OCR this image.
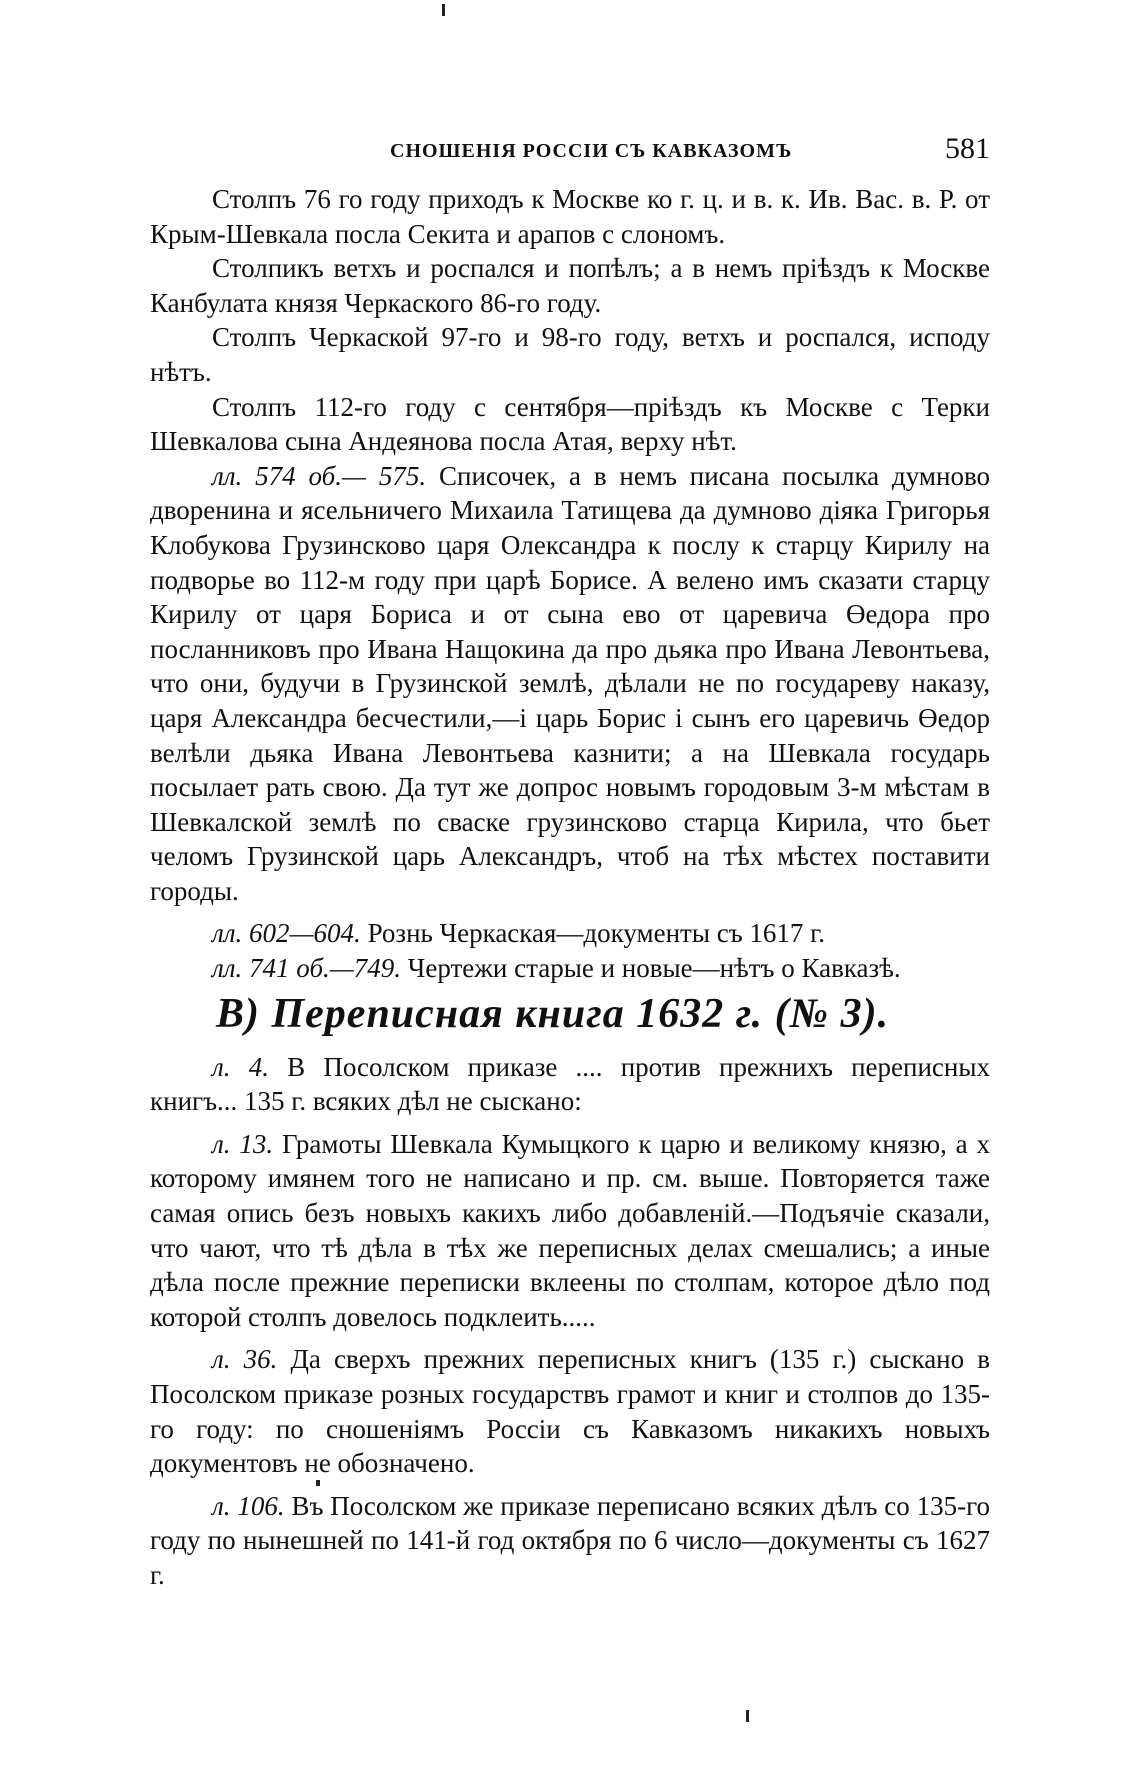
СНОШЕНІЯ РОССІИ СЪ КАВКАЗОМЪ	581

Столпъ 76 го году приходъ к Москве ко г. ц. и в. к. Ив. Вас. в. Р. от Крым-Шевкала посла Секита и арапов с слономъ.

Столпикъ ветхъ и роспался и попѣлъ; а в немъ пріѣздъ к Москве Канбулата князя Черкаского 86-го году.

Столпъ Черкаской 97-го и 98-го году, ветхъ и роспался, исподу нѣтъ.

Столпъ 112-го году с сентября—пріѣздъ къ Москве с Терки Шевкалова сына Андеянова посла Атая, верху нѣт.

лл. 574 об.— 575. Списочек, а в немъ писана посылка думново дворенина и ясельничего Михаила Татищева да думново діяка Григорья Клобукова Грузинсково царя Олександра к послу к старцу Кирилу на подворье во 112-м году при царѣ Борисе. А велено имъ сказати старцу Кирилу от царя Бориса и от сына ево от царевича Өедора про посланниковъ про Ивана Нащокина да про дьяка про Ивана Левонтьева, что они, будучи в Грузинской землѣ, дѣлали не по государеву наказу, царя Александра бесчестили,—і царь Борис і сынъ его царевичь Өедор велѣли дьяка Ивана Левонтьева казнити; а на Шевкала государь посылает рать свою. Да тут же допрос новымъ городовым 3-м мѣстам в Шевкалской землѣ по сваске грузинсково старца Кирила, что бьет челомъ Грузинской царь Александръ, чтоб на тѣх мѣстех поставити городы.

лл. 602—604. Рознь Черкаская—документы съ 1617 г.

лл. 741 об.—749. Чертежи старые и новые—нѣтъ о Кавказѣ.

В) Переписная книга 1632 г. (№ 3).

л. 4. В Посолском приказе .... против прежнихъ переписных книгъ... 135 г. всяких дѣл не сыскано:

л. 13. Грамоты Шевкала Кумыцкого к царю и великому князю, а х которому имянем того не написано и пр. см. выше. Повторяется таже самая опись безъ новыхъ какихъ либо добавленій.—Подъячіе сказали, что чают, что тѣ дѣла в тѣх же переписных делах смешались; а иные дѣла после прежние переписки вклеены по столпам, которое дѣло под которой столпъ довелось подклеить.....

л. 36. Да сверхъ прежних переписных книгъ (135 г.) сыскано в Посолском приказе розных государствъ грамот и книг и столпов до 135-го году: по сношеніямъ Россіи съ Кавказомъ никакихъ новыхъ документовъ не обозначено.

л. 106. Въ Посолском же приказе переписано всяких дѣлъ со 135-го году по нынешней по 141-й год октября по 6 число—документы съ 1627 г.
